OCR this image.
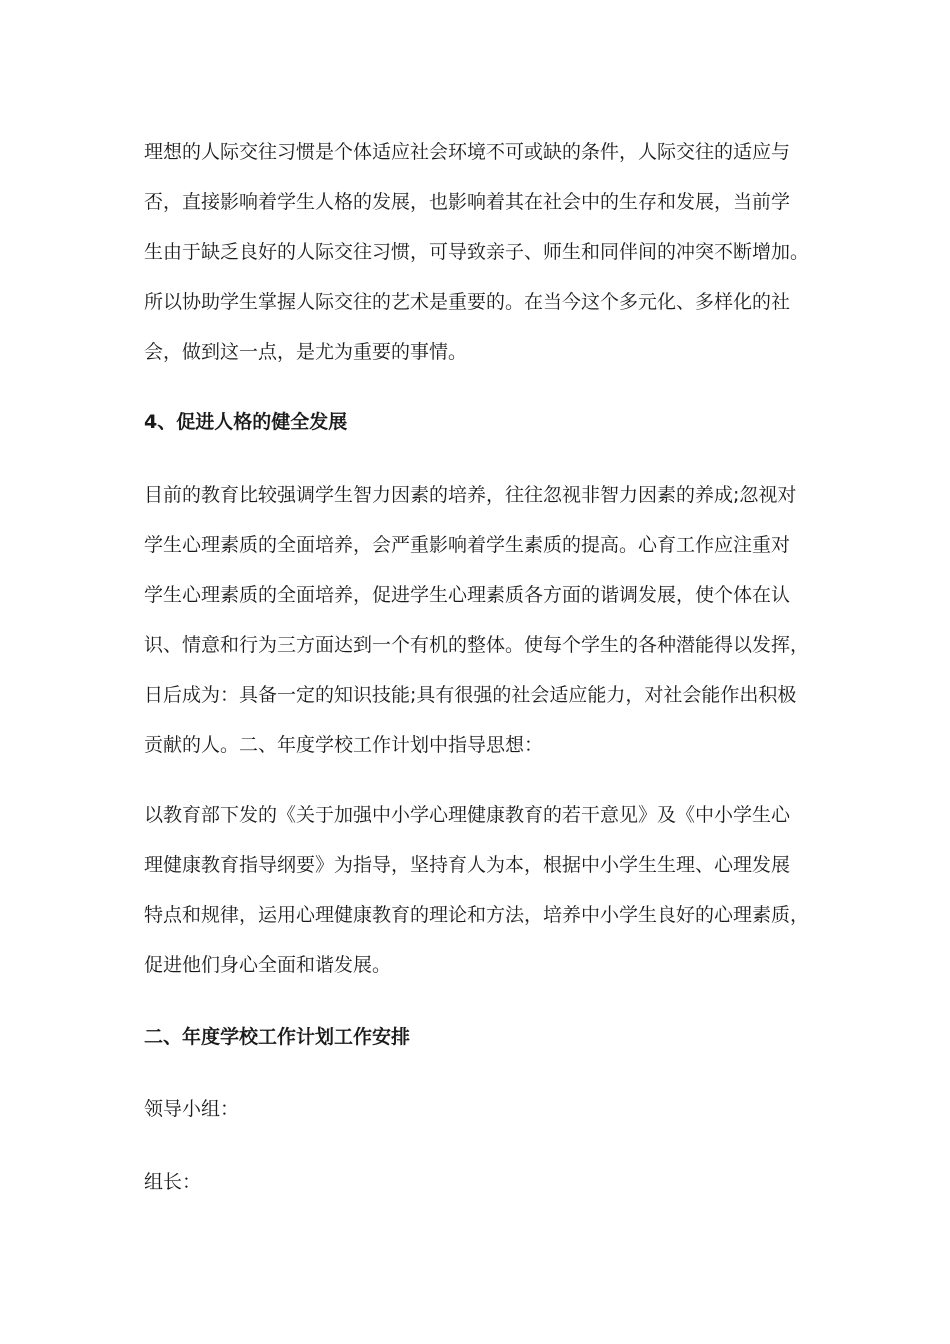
理想的人际交往习惯是个体适应社会环境不可或缺的条件，人际交往的适应与
否，直接影响着学生人格的发展，也影响着其在社会中的生存和发展，当前学
生由于缺乏良好的人际交往习惯，可导致亲子、师生和同伴间的冲突不断增加。
所以协助学生掌握人际交往的艺术是重要的。在当今这个多元化、多样化的社
会，做到这一点，是尤为重要的事情。
4、促进人格的健全发展
目前的教育比较强调学生智力因素的培养，往往忽视非智力因素的养成;忽视对
学生心理素质的全面培养，会严重影响着学生素质的提高。心育工作应注重对
学生心理素质的全面培养，促进学生心理素质各方面的谐调发展，使个体在认
识、情意和行为三方面达到一个有机的整体。使每个学生的各种潜能得以发挥，
日后成为：具备一定的知识技能;具有很强的社会适应能力，对社会能作出积极
贡献的人。二、年度学校工作计划中指导思想：
以教育部下发的《关于加强中小学心理健康教育的若干意见》及《中小学生心
理健康教育指导纲要》为指导，坚持育人为本，根据中小学生生理、心理发展
特点和规律，运用心理健康教育的理论和方法，培养中小学生良好的心理素质，
促进他们身心全面和谐发展。
二、年度学校工作计划工作安排
领导小组：
组长：
